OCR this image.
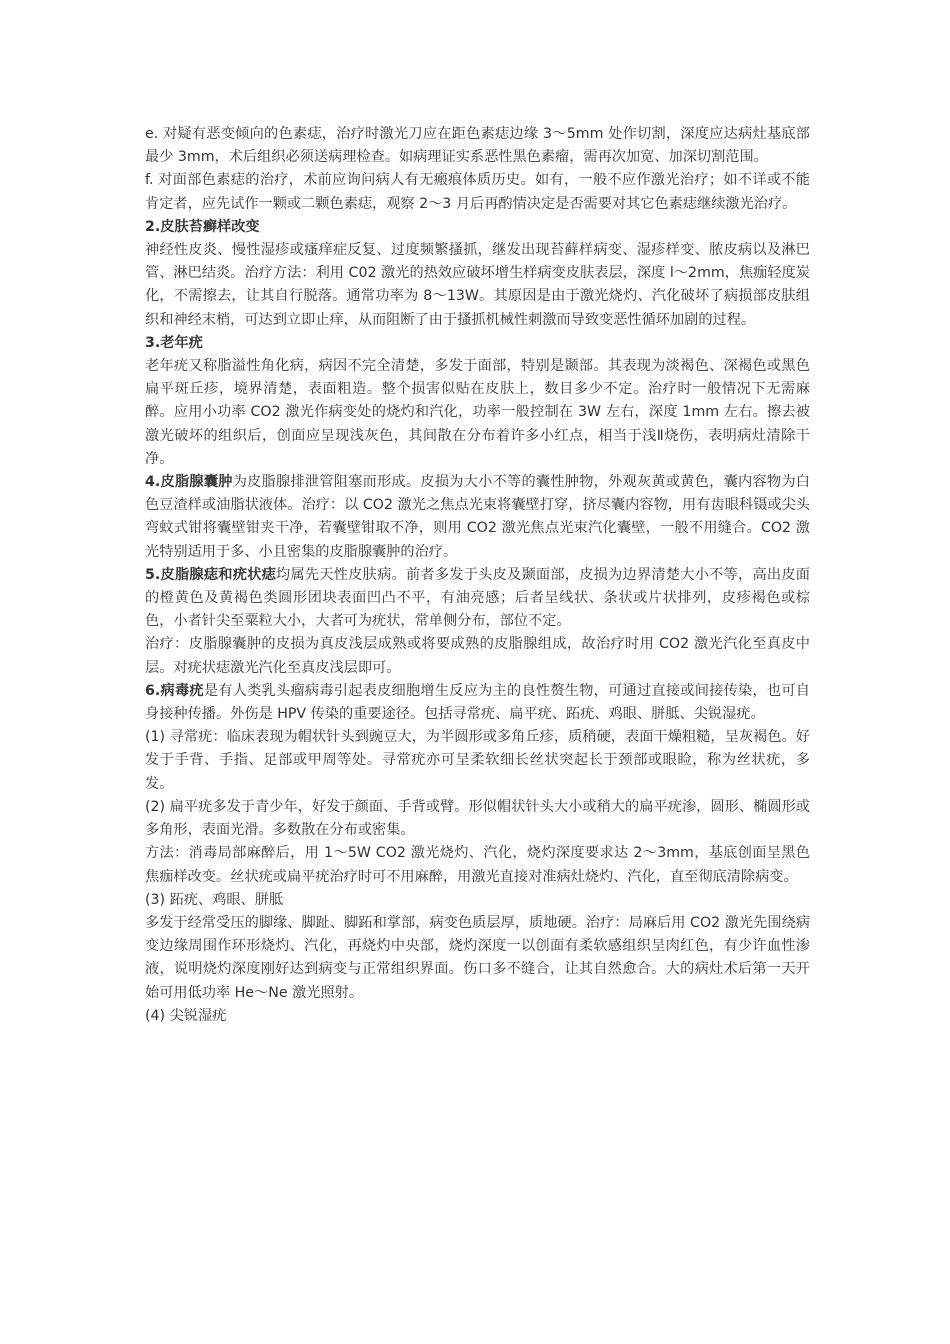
e. 对疑有恶变倾向的色素痣，治疗时激光刀应在距色素痣边缘 3～5mm 处作切割，深度应达病灶基底部最少 3mm，术后组织必须送病理检查。如病理证实系恶性黑色素瘤，需再次加宽、加深切割范围。

f. 对面部色素痣的治疗，术前应询问病人有无瘢痕体质历史。如有，一般不应作激光治疗；如不详或不能肯定者，应先试作一颗或二颗色素痣，观察 2～3 月后再酌情决定是否需要对其它色素痣继续激光治疗。

2.皮肤苔癣样改变

神经性皮炎、慢性湿疹或瘙痒症反复、过度频繁搔抓，继发出现苔藓样病变、湿疹样变、脓皮病以及淋巴管、淋巴结炎。治疗方法：利用 C02 激光的热效应破坏增生样病变皮肤表层，深度 l～2mm，焦痂轻度炭化，不需擦去，让其自行脱落。通常功率为 8～13W。其原因是由于激光烧灼、汽化破坏了病损部皮肤组织和神经末梢，可达到立即止痒，从而阻断了由于搔抓机械性刺激而导致变恶性循环加剧的过程。

3.老年疣

老年疣又称脂溢性角化病，病因不完全清楚，多发于面部，特别是颞部。其表现为淡褐色、深褐色或黑色扁平斑丘疹，境界清楚，表面粗造。整个损害似贴在皮肤上，数目多少不定。治疗时一般情况下无需麻醉。应用小功率 CO2 激光作病变处的烧灼和汽化，功率一般控制在 3W 左右，深度 1mm 左右。擦去被激光破坏的组织后，创面应呈现浅灰色，其间散在分布着许多小红点，相当于浅Ⅱ烧伤，表明病灶清除干净。

4.皮脂腺囊肿为皮脂腺排泄管阻塞而形成。皮损为大小不等的囊性肿物，外观灰黄或黄色，囊内容物为白色豆渣样或油脂状液体。治疗：以 CO2 激光之焦点光束将囊壁打穿，挤尽囊内容物，用有齿眼科镊或尖头弯蚊式钳将囊壁钳夹干净，若囊壁钳取不净，则用 CO2 激光焦点光束汽化囊壁，一般不用缝合。CO2 激光特别适用于多、小且密集的皮脂腺囊肿的治疗。

5.皮脂腺痣和疣状痣均属先天性皮肤病。前者多发于头皮及颞面部，皮损为边界清楚大小不等，高出皮面的橙黄色及黄褐色类圆形团块表面凹凸不平，有油亮感；后者呈线状、条状或片状排列，皮疹褐色或棕色，小者针尖至粟粒大小，大者可为疣状，常单侧分布，部位不定。

治疗：皮脂腺囊肿的皮损为真皮浅层成熟或将要成熟的皮脂腺组成，故治疗时用 CO2 激光汽化至真皮中层。对疣状痣激光汽化至真皮浅层即可。

6.病毒疣是有人类乳头瘤病毒引起表皮细胞增生反应为主的良性赘生物，可通过直接或间接传染，也可自身接种传播。外伤是 HPV 传染的重要途径。包括寻常疣、扁平疣、跖疣、鸡眼、胼胝、尖锐湿疣。

(1) 寻常疣：临床表现为帽状针头到豌豆大，为半圆形或多角丘疹，质稍硬，表面干燥粗糙，呈灰褐色。好发于手背、手指、足部或甲周等处。寻常疣亦可呈柔软细长丝状突起长于颈部或眼睑，称为丝状疣，多发。

(2) 扁平疣多发于青少年，好发于颜面、手背或臂。形似帽状针头大小或稍大的扁平疣渗，圆形、椭圆形或多角形，表面光滑。多数散在分布或密集。

方法：消毒局部麻醉后，用 1～5W CO2 激光烧灼、汽化，烧灼深度要求达 2～3mm，基底创面呈黑色焦痂样改变。丝状疣或扁平疣治疗时可不用麻醉，用激光直接对准病灶烧灼、汽化，直至彻底清除病变。

(3) 跖疣、鸡眼、胼胝

多发于经常受压的脚缘、脚趾、脚跖和掌部，病变色质层厚，质地硬。治疗：局麻后用 CO2 激光先围绕病变边缘周围作环形烧灼、汽化，再烧灼中央部，烧灼深度一以创面有柔软感组织呈肉红色，有少许血性渗液，说明烧灼深度刚好达到病变与正常组织界面。伤口多不缝合，让其自然愈合。大的病灶术后第一天开始可用低功率 He～Ne 激光照射。

(4) 尖锐湿疣
